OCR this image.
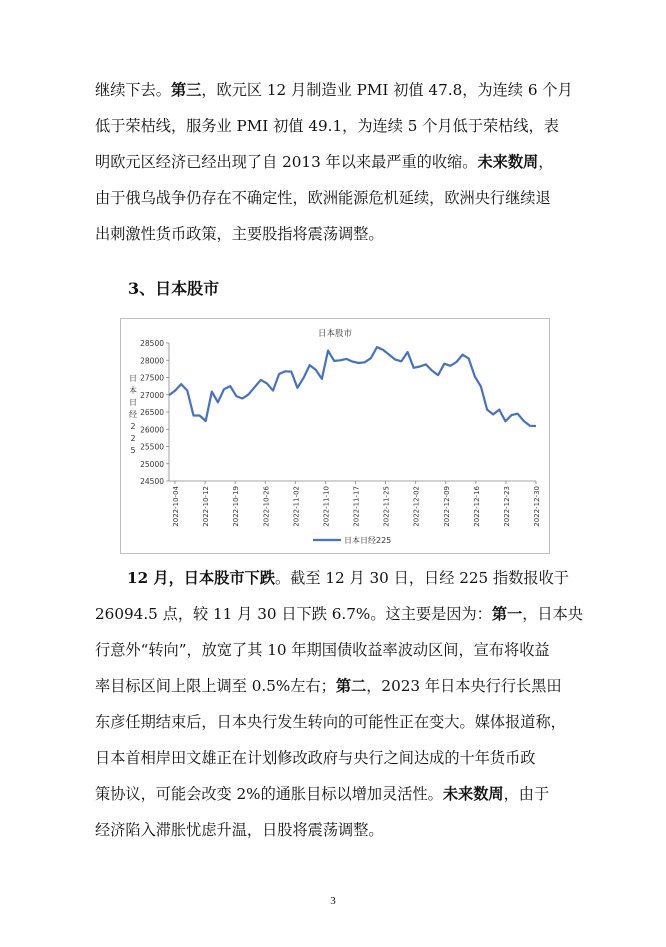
继续下去。第三，欧元区 12 月制造业 PMI 初值 47.8，为连续 6 个月
低于荣枯线，服务业 PMI 初值 49.1，为连续 5 个月低于荣枯线，表
明欧元区经济已经出现了自 2013 年以来最严重的收缩。未来数周，
由于俄乌战争仍存在不确定性，欧洲能源危机延续，欧洲央行继续退
出刺激性货币政策，主要股指将震荡调整。
3、日本股市
日本股市
24500
25000
25500
26000
26500
27000
27500
28000
28500
日
本
日
经
2
2
5
2022-10-04	2022-10-12	2022-10-19	2022-10-26	2022-11-02	2022-11-10	2022-11-17	2022-11-25	2022-12-02	2022-12-09	2022-12-16	2022-12-23	2022-12-30
日本日经225
12 月，日本股市下跌。截至 12 月 30 日，日经 225 指数报收于
26094.5 点，较 11 月 30 日下跌 6.7%。这主要是因为：第一，日本央
行意外“转向”，放宽了其 10 年期国债收益率波动区间，宣布将收益
率目标区间上限上调至 0.5%左右；第二，2023 年日本央行行长黑田
东彦任期结束后，日本央行发生转向的可能性正在变大。媒体报道称，
日本首相岸田文雄正在计划修改政府与央行之间达成的十年货币政
策协议，可能会改变 2%的通胀目标以增加灵活性。未来数周，由于
经济陷入滞胀忧虑升温，日股将震荡调整。
3
